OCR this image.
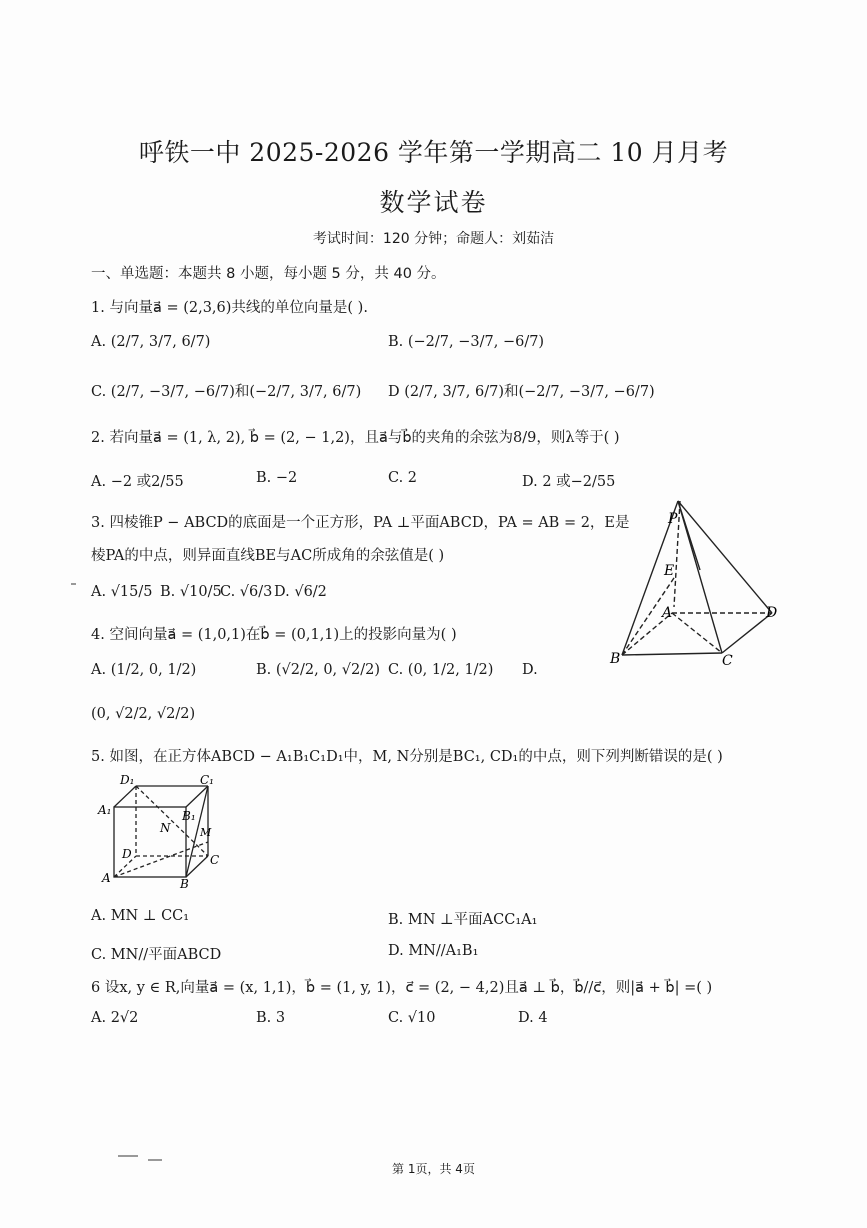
呼铁一中 2025-2026 学年第一学期高二 10 月月考
数学试卷
考试时间：120 分钟；命题人：刘茹洁
一、单选题：本题共 8 小题，每小题 5 分，共 40 分。
1. 与向量a⃗ = (2,3,6)共线的单位向量是( ).
A. (2/7, 3/7, 6/7)	B. (−2/7, −3/7, −6/7)
C. (2/7, −3/7, −6/7)和(−2/7, 3/7, 6/7) D (2/7, 3/7, 6/7)和(−2/7, −3/7, −6/7)
2. 若向量a⃗ = (1, λ, 2), b⃗ = (2, − 1,2)，且a⃗与b⃗的夹角的余弦为8/9，则λ等于( )
A. −2 或2/55	B. −2	C. 2	D. 2 或−2/55
3. 四棱锥P − ABCD的底面是一个正方形，PA ⊥平面ABCD，PA = AB = 2，E是
棱PA的中点，则异面直线BE与AC所成角的余弦值是( )
A. √15/5 B. √10/5
C. √6/3 D. √6/2
4. 空间向量a⃗ = (1,0,1)在b⃗ = (0,1,1)上的投影向量为( )
A. (1/2, 0, 1/2)	B. (√2/2, 0, √2/2) C. (0, 1/2, 1/2) D.
(0, √2/2, √2/2)
5. 如图，在正方体ABCD − A₁B₁C₁D₁中，M, N分别是BC₁, CD₁的中点，则下列判断错误的是( )
A. MN ⊥ CC₁	B. MN ⊥平面ACC₁A₁
C. MN//平面ABCD	D. MN//A₁B₁
6 设x, y ∈ R,向量a⃗ = (x, 1,1)，b⃗ = (1, y, 1)，c⃗ = (2, − 4,2)且a⃗ ⊥ b⃗，b⃗//c⃗，则|a⃗ + b⃗| =( )
A. 2√2	B. 3	C. √10	D. 4
P
E
A	D
B	C
D₁	C₁
A₁	B₁
N	M
D	C
A	B
第 1页，共 4页
